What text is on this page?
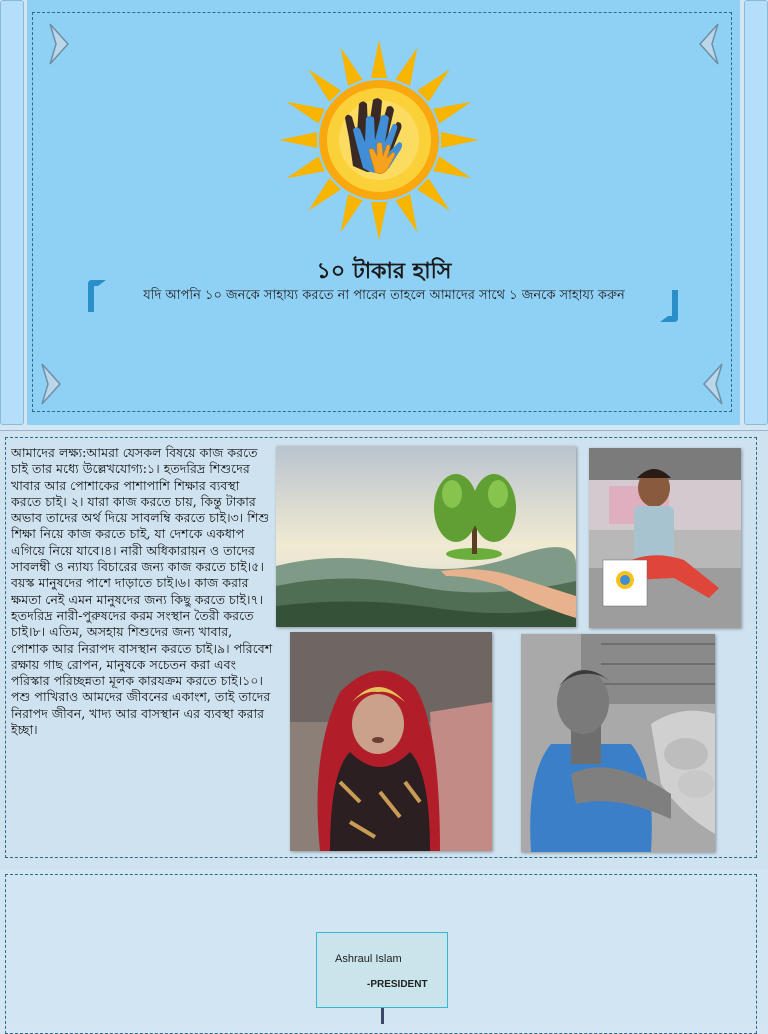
১০ টাকার হাসি
যদি আপনি ১০ জনকে সাহায্য করতে না পারেন তাহলে আমাদের সাথে ১ জনকে সাহায্য করুন

আমাদের লক্ষ্য:আমরা যেসকল বিষয়ে কাজ করতে চাই তার মধ্যে উল্লেখযোগ্য:১। হতদরিদ্র শিশুদের খাবার আর পোশাকের পাশাপাশি শিক্ষার ব্যবস্থা করতে চাই। ২। যারা কাজ করতে চায়, কিন্তু টাকার অভাব তাদের অর্থ দিয়ে সাবলম্বি করতে চাই।৩। শিশু শিক্ষা নিয়ে কাজ করতে চাই, যা দেশকে একধাপ এগিয়ে নিয়ে যাবে।৪। নারী অধিকারায়ন ও তাদের সাবলম্বী ও ন্যায্য বিচারের জন্য কাজ করতে চাই।৫। বয়স্ক মানুষদের পাশে দাড়াতে চাই।৬। কাজ করার ক্ষমতা নেই এমন মানুষদের জন্য কিছু করতে চাই।৭। হতদরিদ্র নারী-পুরুষদের করম সংস্থান তৈরী করতে চাই।৮। এতিম, অসহায় শিশুদের জন্য খাবার, পোশাক আর নিরাপদ বাসস্থান করতে চাই।৯। পরিবেশ রক্ষায় গাছ রোপন, মানুষকে সচেতন করা এবং পরিস্কার পরিচ্ছন্নতা মূলক কারযক্রম করতে চাই।১০। পশু পাখিরাও আমদের জীবনের একাংশ, তাই তাদের নিরাপদ জীবন, খাদ্য আর বাসস্থান এর ব্যবস্থা করার ইচ্ছা।

Ashraul Islam
-PRESIDENT
